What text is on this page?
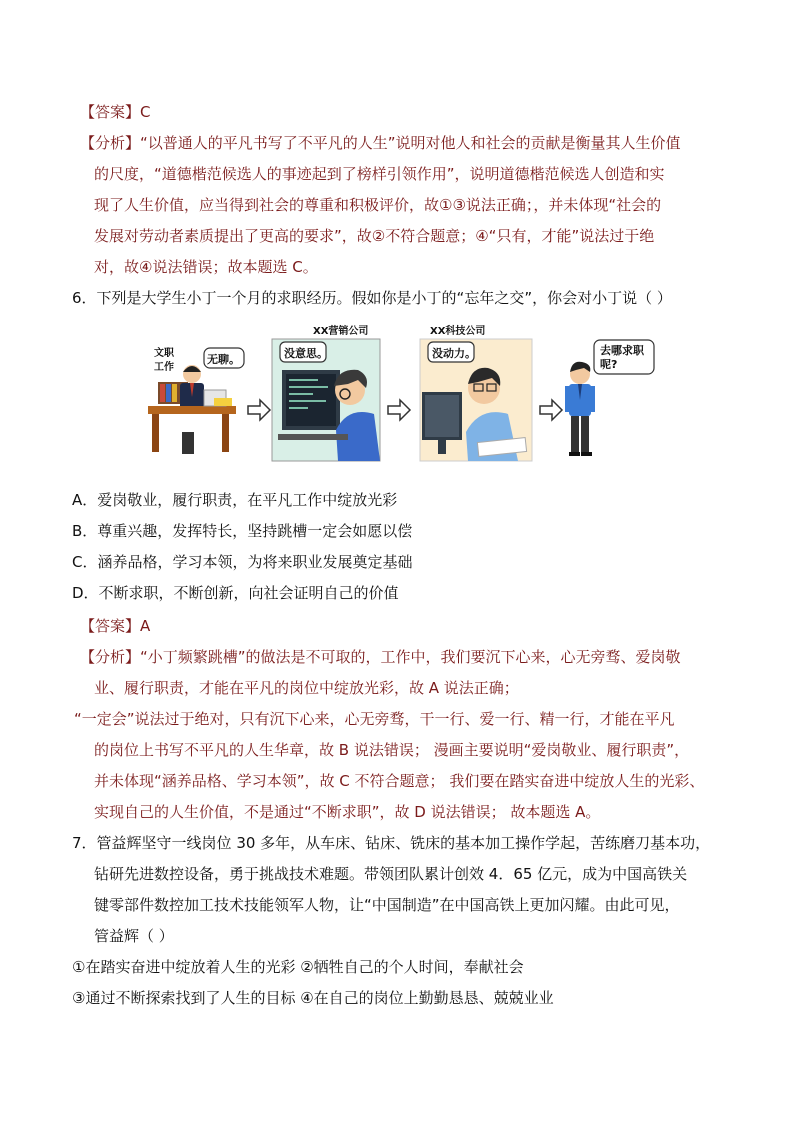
【答案】C
【分析】“以普通人的平凡书写了不平凡的人生”说明对他人和社会的贡献是衡量其人生价值
的尺度，“道德楷范候选人的事迹起到了榜样引领作用”，说明道德楷范候选人创造和实
现了人生价值，应当得到社会的尊重和积极评价，故①③说法正确；，并未体现“社会的
发展对劳动者素质提出了更高的要求”，故②不符合题意；④“只有，才能”说法过于绝
对，故④说法错误；故本题选 C。
6．下列是大学生小丁一个月的求职经历。假如你是小丁的“忘年之交”，你会对小丁说（ ）
文职工作
无聊。
XX营销公司
没意思。
XX科技公司
没动力。	去哪求职呢?
A．爱岗敬业，履行职责，在平凡工作中绽放光彩
B．尊重兴趣，发挥特长，坚持跳槽一定会如愿以偿
C．涵养品格，学习本领，为将来职业发展奠定基础
D．不断求职，不断创新，向社会证明自己的价值
【答案】A
【分析】“小丁频繁跳槽”的做法是不可取的，工作中，我们要沉下心来，心无旁骛、爱岗敬
业、履行职责，才能在平凡的岗位中绽放光彩，故 A 说法正确；
“一定会”说法过于绝对，只有沉下心来，心无旁骛，干一行、爱一行、精一行，才能在平凡
的岗位上书写不平凡的人生华章，故 B 说法错误； 漫画主要说明“爱岗敬业、履行职责”，
并未体现“涵养品格、学习本领”，故 C 不符合题意； 我们要在踏实奋进中绽放人生的光彩、
实现自己的人生价值，不是通过“不断求职”，故 D 说法错误； 故本题选 A。
7．管益辉坚守一线岗位 30 多年，从车床、钻床、铣床的基本加工操作学起，苦练磨刀基本功，
钻研先进数控设备，勇于挑战技术难题。带领团队累计创效 4．65 亿元，成为中国高铁关
键零部件数控加工技术技能领军人物，让“中国制造”在中国高铁上更加闪耀。由此可见，
管益辉（ ）
①在踏实奋进中绽放着人生的光彩 ②牺牲自己的个人时间，奉献社会
③通过不断探索找到了人生的目标 ④在自己的岗位上勤勤恳恳、兢兢业业
